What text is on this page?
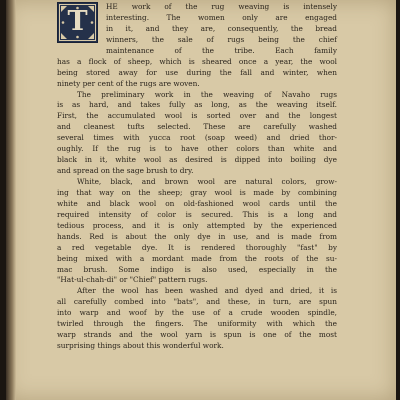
T	HE work of the rug weaving is intensely
interesting. The women only are engaged
in it, and they are, consequently, the bread
winners, the sale of rugs being the chief
maintenance of the tribe. Each family
has a flock of sheep, which is sheared once a year, the wool
being stored away for use during the fall and winter, when
ninety per cent of the rugs are woven.
The preliminary work in the weaving of Navaho rugs
is as hard, and takes fully as long, as the weaving itself.
First, the accumulated wool is sorted over and the longest
and cleanest tufts selected. These are carefully washed
several times with yucca root (soap weed) and dried thor-
oughly. If the rug is to have other colors than white and
black in it, white wool as desired is dipped into boiling dye
and spread on the sage brush to dry.
White, black, and brown wool are natural colors, grow-
ing that way on the sheep; gray wool is made by combining
white and black wool on old-fashioned wool cards until the
required intensity of color is secured. This is a long and
tedious process, and it is only attempted by the experienced
hands. Red is about the only dye in use, and is made from
a red vegetable dye. It is rendered thoroughly "fast" by
being mixed with a mordant made from the roots of the su-
mac brush. Some indigo is also used, especially in the
"Hat-ul-chah-di" or "Chief" pattern rugs.
After the wool has been washed and dyed and dried, it is
all carefully combed into "bats", and these, in turn, are spun
into warp and woof by the use of a crude wooden spindle,
twirled through the fingers. The uniformity with which the
warp strands and the wool yarn is spun is one of the most
surprising things about this wonderful work.
